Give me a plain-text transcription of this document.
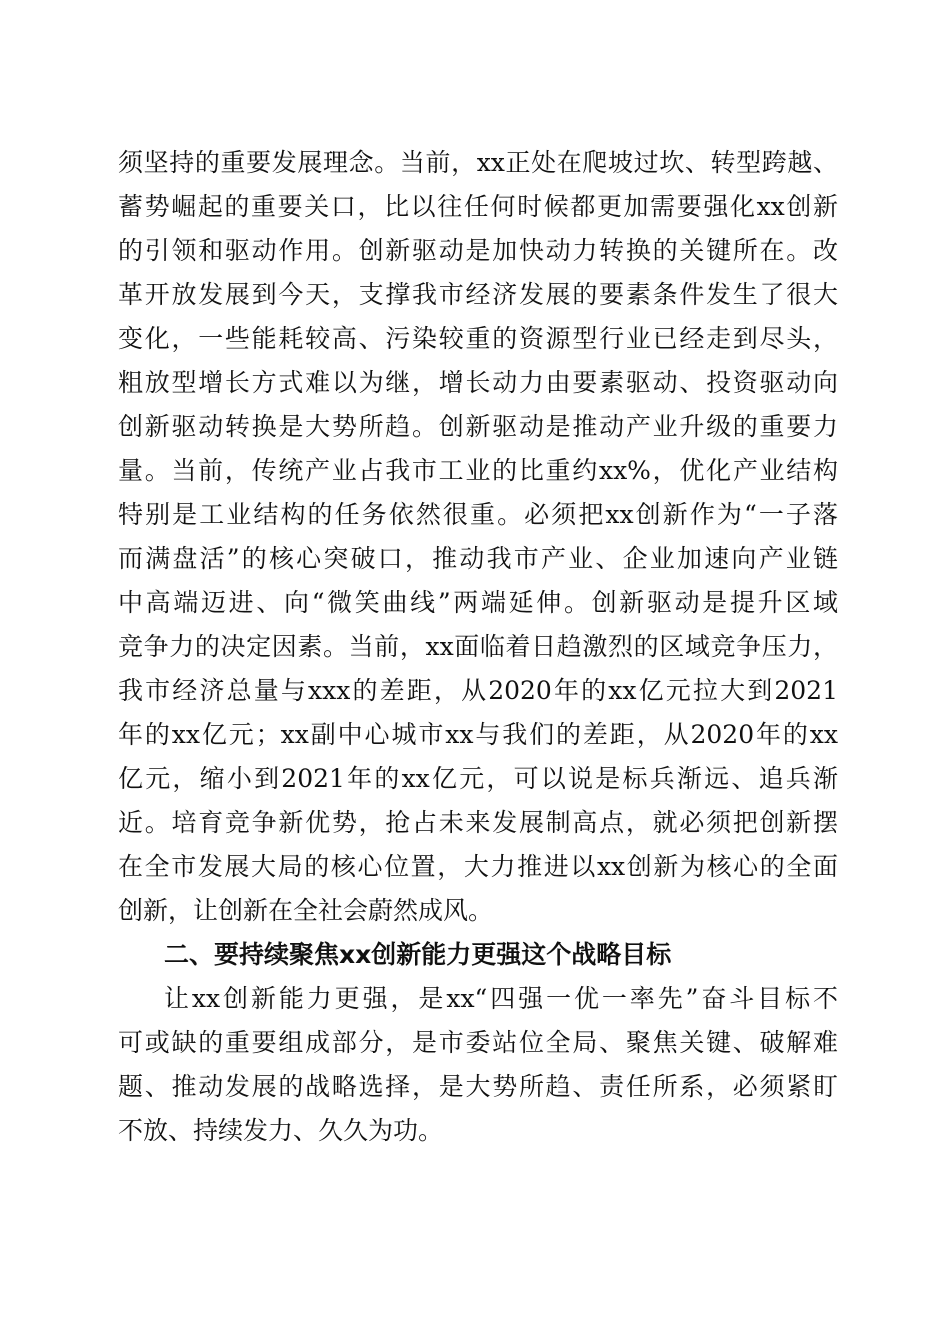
须坚持的重要发展理念。当前，xx正处在爬坡过坎、转型跨越、
蓄势崛起的重要关口，比以往任何时候都更加需要强化xx创新
的引领和驱动作用。创新驱动是加快动力转换的关键所在。改
革开放发展到今天，支撑我市经济发展的要素条件发生了很大
变化，一些能耗较高、污染较重的资源型行业已经走到尽头，
粗放型增长方式难以为继，增长动力由要素驱动、投资驱动向
创新驱动转换是大势所趋。创新驱动是推动产业升级的重要力
量。当前，传统产业占我市工业的比重约xx%，优化产业结构
特别是工业结构的任务依然很重。必须把xx创新作为“一子落
而满盘活”的核心突破口，推动我市产业、企业加速向产业链
中高端迈进、向“微笑曲线”两端延伸。创新驱动是提升区域
竞争力的决定因素。当前，xx面临着日趋激烈的区域竞争压力，
我市经济总量与xxx的差距，从2020年的xx亿元拉大到2021
年的xx亿元；xx副中心城市xx与我们的差距，从2020年的xx
亿元，缩小到2021年的xx亿元，可以说是标兵渐远、追兵渐
近。培育竞争新优势，抢占未来发展制高点，就必须把创新摆
在全市发展大局的核心位置，大力推进以xx创新为核心的全面
创新，让创新在全社会蔚然成风。
二、要持续聚焦xx创新能力更强这个战略目标
让xx创新能力更强，是xx“四强一优一率先”奋斗目标不
可或缺的重要组成部分，是市委站位全局、聚焦关键、破解难
题、推动发展的战略选择，是大势所趋、责任所系，必须紧盯
不放、持续发力、久久为功。
